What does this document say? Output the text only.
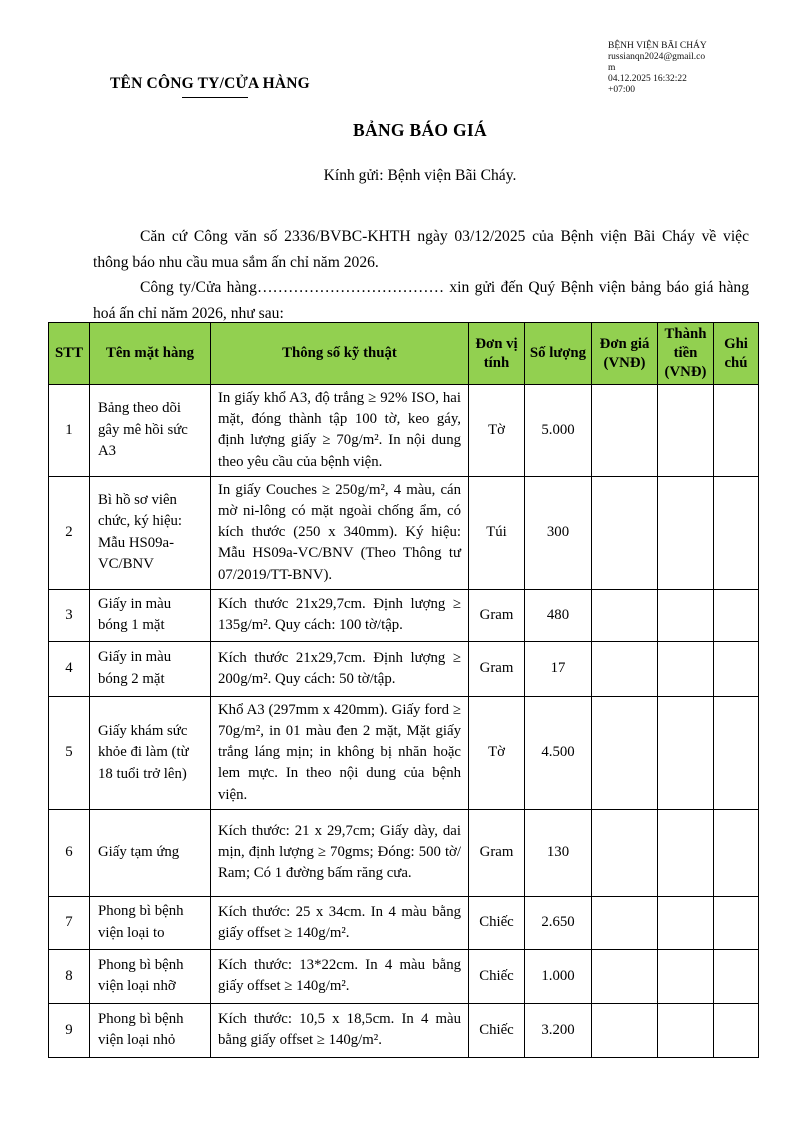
BỆNH VIỆN BÃI CHÁY
russianqn2024@gmail.co
m
04.12.2025 16:32:22
+07:00
TÊN CÔNG TY/CỬA HÀNG
BẢNG BÁO GIÁ
Kính gửi: Bệnh viện Bãi Cháy.

Căn cứ Công văn số 2336/BVBC-KHTH ngày 03/12/2025 của Bệnh viện Bãi Cháy về việc thông báo nhu cầu mua sắm ấn chỉ năm 2026.

Công ty/Cửa hàng……………………………… xin gửi đến Quý Bệnh viện bảng báo giá hàng hoá ấn chỉ năm 2026, như sau:

STT	Tên mặt hàng	Thông số kỹ thuật	Đơn vị tính	Số lượng	Đơn giá (VNĐ)	Thành tiền (VNĐ)	Ghi chú
1	Bảng theo dõi gây mê hồi sức A3	In giấy khổ A3, độ trắng ≥ 92% ISO, hai mặt, đóng thành tập 100 tờ, keo gáy, định lượng giấy ≥ 70g/m². In nội dung theo yêu cầu của bệnh viện.	Tờ	5.000			
2	Bì hồ sơ viên chức, ký hiệu: Mẫu HS09a-VC/BNV	In giấy Couches ≥ 250g/m², 4 màu, cán mờ ni-lông có mặt ngoài chống ẩm, có kích thước (250 x 340mm). Ký hiệu: Mẫu HS09a-VC/BNV (Theo Thông tư 07/2019/TT-BNV).	Túi	300			
3	Giấy in màu bóng 1 mặt	Kích thước 21x29,7cm. Định lượng ≥ 135g/m². Quy cách: 100 tờ/tập.	Gram	480			
4	Giấy in màu bóng 2 mặt	Kích thước 21x29,7cm. Định lượng ≥ 200g/m². Quy cách: 50 tờ/tập.	Gram	17			
5	Giấy khám sức khỏe đi làm (từ 18 tuổi trở lên)	Khổ A3 (297mm x 420mm). Giấy ford ≥ 70g/m², in 01 màu đen 2 mặt, Mặt giấy trắng láng mịn; in không bị nhăn hoặc lem mực. In theo nội dung của bệnh viện.	Tờ	4.500			
6	Giấy tạm ứng	Kích thước: 21 x 29,7cm; Giấy dày, dai mịn, định lượng ≥ 70gms; Đóng: 500 tờ/ Ram; Có 1 đường bấm răng cưa.	Gram	130			
7	Phong bì bệnh viện loại to	Kích thước: 25 x 34cm. In 4 màu bằng giấy offset ≥ 140g/m².	Chiếc	2.650			
8	Phong bì bệnh viện loại nhỡ	Kích thước: 13*22cm. In 4 màu bằng giấy offset ≥ 140g/m².	Chiếc	1.000			
9	Phong bì bệnh viện loại nhỏ	Kích thước: 10,5 x 18,5cm. In 4 màu bằng giấy offset ≥ 140g/m².	Chiếc	3.200			
